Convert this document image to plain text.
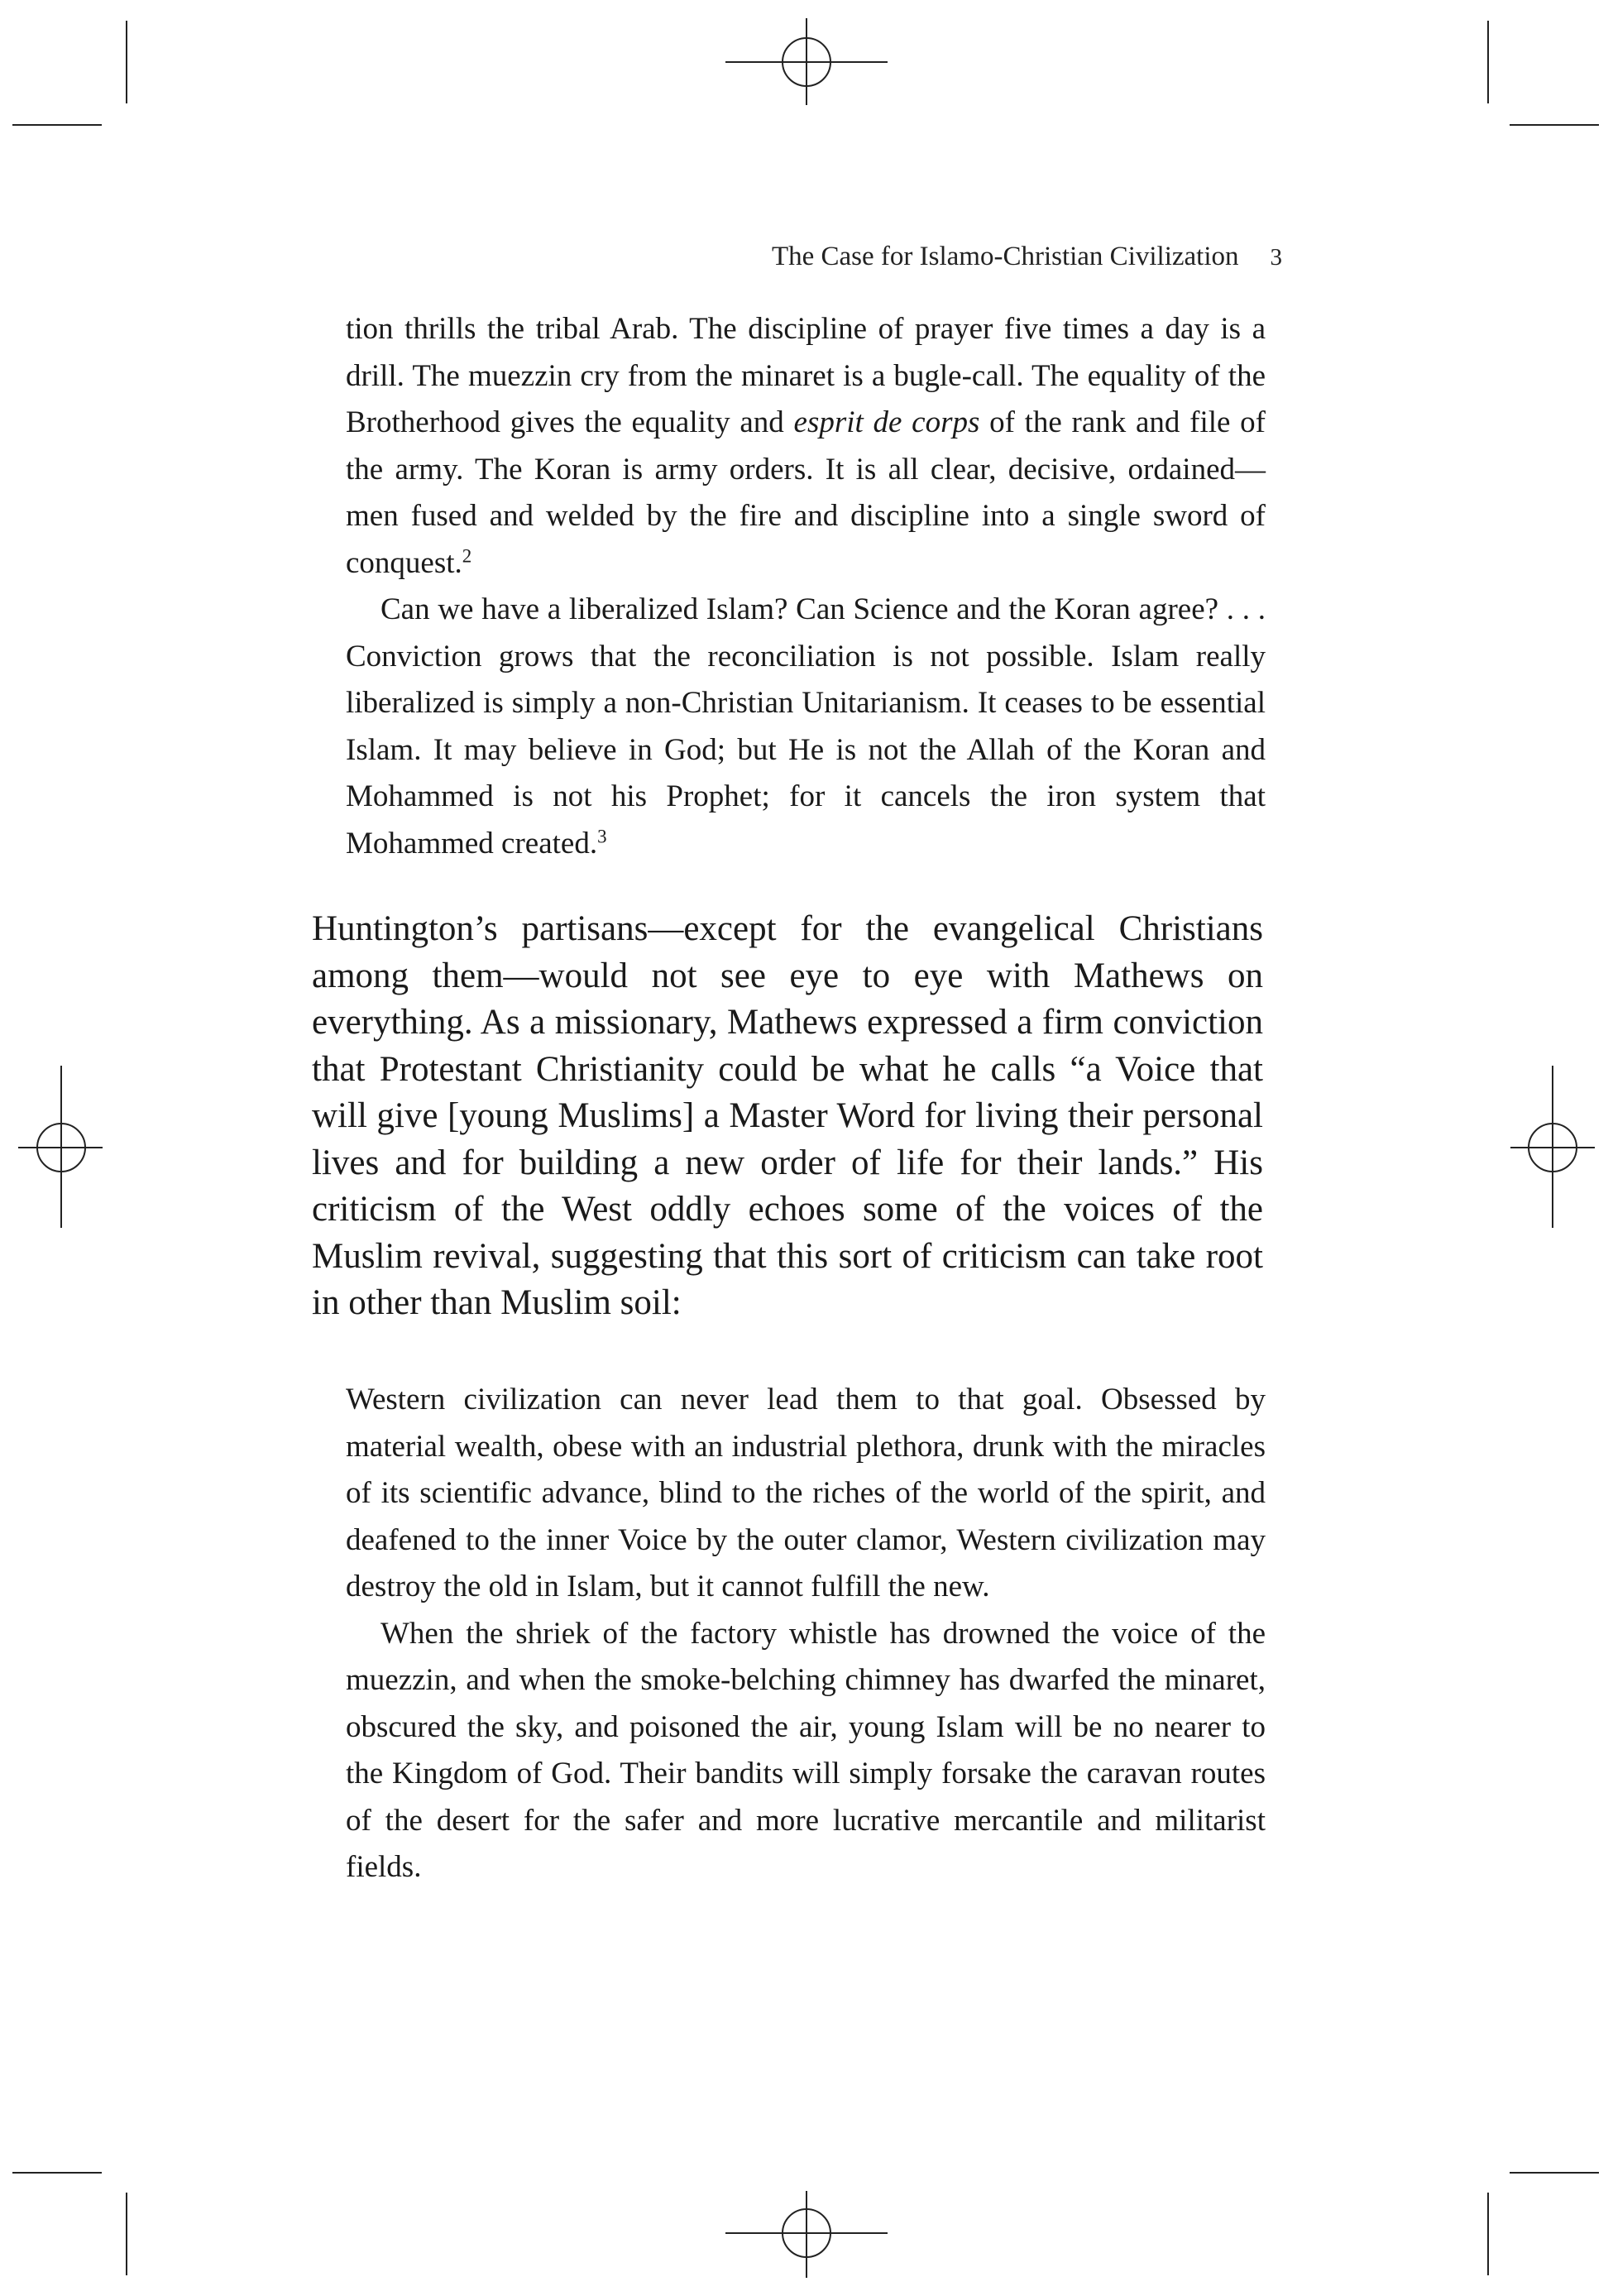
The Case for Islamo-Christian Civilization 3

tion thrills the tribal Arab. The discipline of prayer five times a day is a drill. The muezzin cry from the minaret is a bugle-call. The equality of the Brotherhood gives the equality and esprit de corps of the rank and file of the army. The Koran is army orders. It is all clear, decisive, ordained—men fused and welded by the fire and discipline into a single sword of conquest.$^2$

Can we have a liberalized Islam? Can Science and the Koran agree? . . . Conviction grows that the reconciliation is not possible. Islam really liberalized is simply a non-Christian Unitarianism. It ceases to be essential Islam. It may believe in God; but He is not the Allah of the Koran and Mohammed is not his Prophet; for it cancels the iron system that Mohammed created.$^3$

Huntington’s partisans—except for the evangelical Christians among them—would not see eye to eye with Mathews on everything. As a missionary, Mathews expressed a firm conviction that Protestant Christianity could be what he calls “a Voice that will give [young Muslims] a Master Word for living their personal lives and for building a new order of life for their lands.” His criticism of the West oddly echoes some of the voices of the Muslim revival, suggesting that this sort of criticism can take root in other than Muslim soil:

Western civilization can never lead them to that goal. Obsessed by material wealth, obese with an industrial plethora, drunk with the miracles of its scientific advance, blind to the riches of the world of the spirit, and deafened to the inner Voice by the outer clamor, Western civilization may destroy the old in Islam, but it cannot fulfill the new.

When the shriek of the factory whistle has drowned the voice of the muezzin, and when the smoke-belching chimney has dwarfed the minaret, obscured the sky, and poisoned the air, young Islam will be no nearer to the Kingdom of God. Their bandits will simply forsake the caravan routes of the desert for the safer and more lucrative mercantile and militarist fields.
